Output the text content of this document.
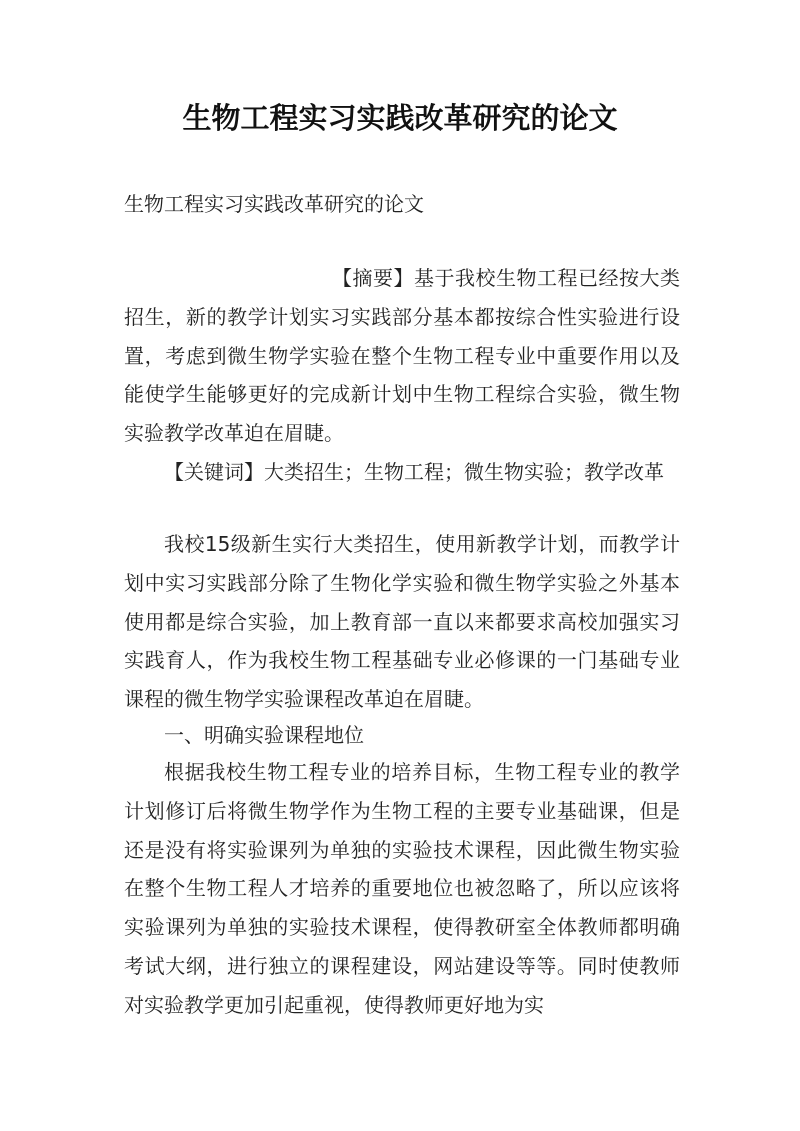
生物工程实习实践改革研究的论文

生物工程实习实践改革研究的论文

【摘要】基于我校生物工程已经按大类招生，新的教学计划实习实践部分基本都按综合性实验进行设置，考虑到微生物学实验在整个生物工程专业中重要作用以及能使学生能够更好的完成新计划中生物工程综合实验，微生物实验教学改革迫在眉睫。

【关键词】大类招生；生物工程；微生物实验；教学改革

我校15级新生实行大类招生，使用新教学计划，而教学计划中实习实践部分除了生物化学实验和微生物学实验之外基本使用都是综合实验，加上教育部一直以来都要求高校加强实习实践育人，作为我校生物工程基础专业必修课的一门基础专业课程的微生物学实验课程改革迫在眉睫。

一、明确实验课程地位

根据我校生物工程专业的培养目标，生物工程专业的教学计划修订后将微生物学作为生物工程的主要专业基础课，但是还是没有将实验课列为单独的实验技术课程，因此微生物实验在整个生物工程人才培养的重要地位也被忽略了，所以应该将实验课列为单独的实验技术课程，使得教研室全体教师都明确考试大纲，进行独立的课程建设，网站建设等等。同时使教师对实验教学更加引起重视，使得教师更好地为实
